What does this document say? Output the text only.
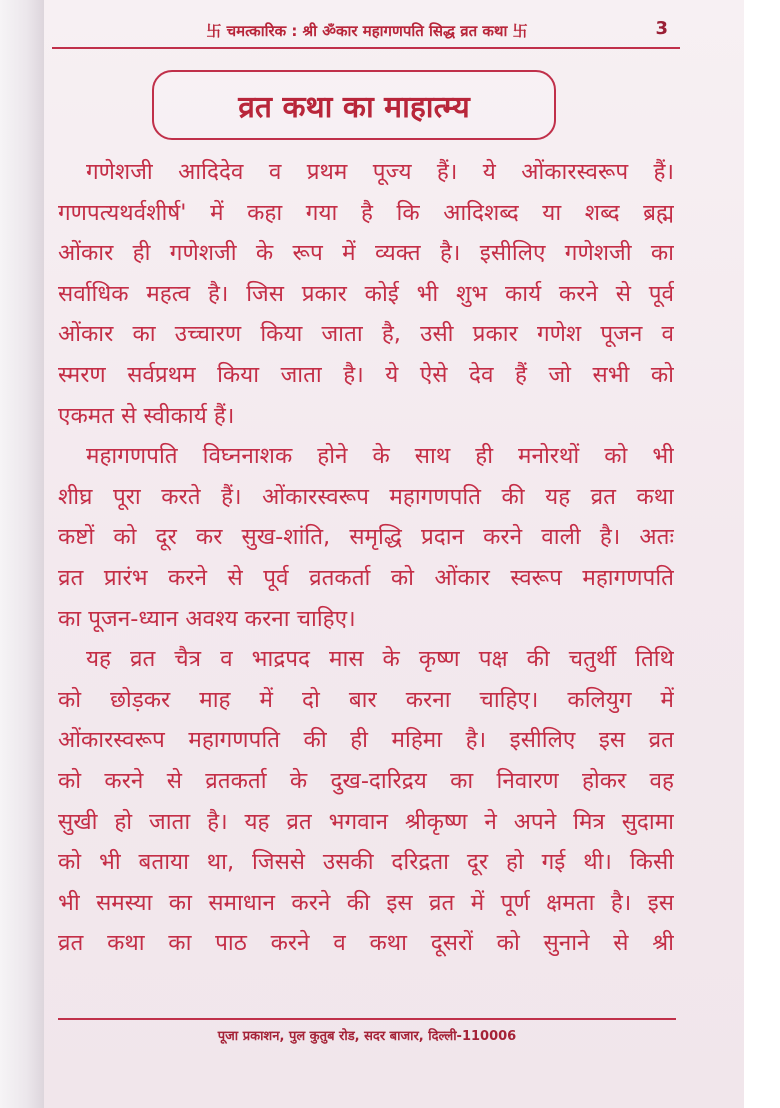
卐 चमत्कारिक : श्री ॐकार महागणपति सिद्ध व्रत कथा 卐	3
व्रत कथा का माहात्म्य
गणेशजी आदिदेव व प्रथम पूज्य हैं। ये ओंकारस्वरूप हैं।
गणपत्यथर्वशीर्ष' में कहा गया है कि आदिशब्द या शब्द ब्रह्म
ओंकार ही गणेशजी के रूप में व्यक्त है। इसीलिए गणेशजी का
सर्वाधिक महत्व है। जिस प्रकार कोई भी शुभ कार्य करने से पूर्व
ओंकार का उच्चारण किया जाता है, उसी प्रकार गणेश पूजन व
स्मरण सर्वप्रथम किया जाता है। ये ऐसे देव हैं जो सभी को
एकमत से स्वीकार्य हैं।
महागणपति विघ्ननाशक होने के साथ ही मनोरथों को भी
शीघ्र पूरा करते हैं। ओंकारस्वरूप महागणपति की यह व्रत कथा
कष्टों को दूर कर सुख-शांति, समृद्धि प्रदान करने वाली है। अतः
व्रत प्रारंभ करने से पूर्व व्रतकर्ता को ओंकार स्वरूप महागणपति
का पूजन-ध्यान अवश्य करना चाहिए।
यह व्रत चैत्र व भाद्रपद मास के कृष्ण पक्ष की चतुर्थी तिथि
को छोड़कर माह में दो बार करना चाहिए। कलियुग में
ओंकारस्वरूप महागणपति की ही महिमा है। इसीलिए इस व्रत
को करने से व्रतकर्ता के दुख-दारिद्रय का निवारण होकर वह
सुखी हो जाता है। यह व्रत भगवान श्रीकृष्ण ने अपने मित्र सुदामा
को भी बताया था, जिससे उसकी दरिद्रता दूर हो गई थी। किसी
भी समस्या का समाधान करने की इस व्रत में पूर्ण क्षमता है। इस
व्रत कथा का पाठ करने व कथा दूसरों को सुनाने से श्री
पूजा प्रकाशन, पुल कुतुब रोड, सदर बाजार, दिल्ली-110006
